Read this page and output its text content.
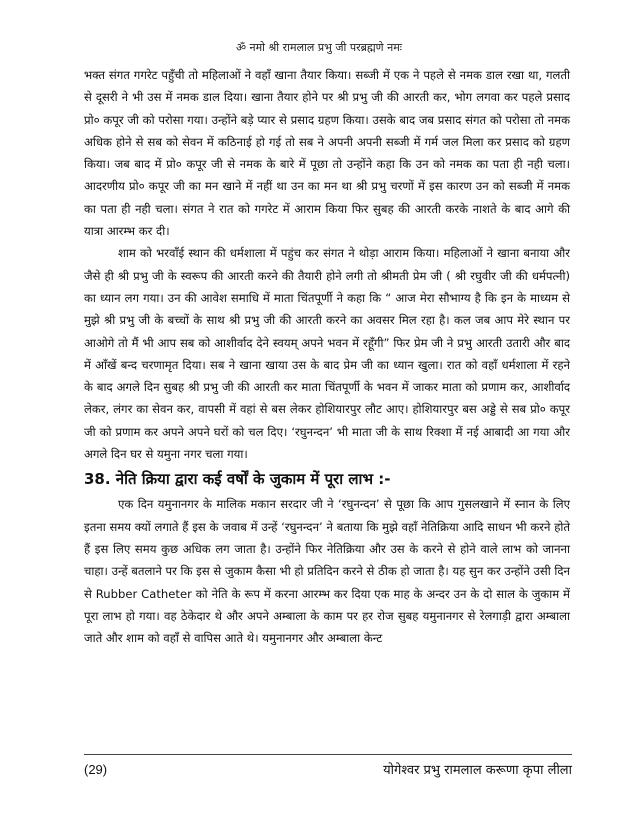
ॐ नमो श्री रामलाल प्रभु जी परब्रह्मणे नमः

भक्त संगत गगरेट पहुँची तो महिलाओं ने वहाँ खाना तैयार किया। सब्जी में एक ने पहले से नमक डाल रखा था, गलती से दूसरी ने भी उस में नमक डाल दिया। खाना तैयार होने पर श्री प्रभु जी की आरती कर, भोग लगवा कर पहले प्रसाद प्रो० कपूर जी को परोसा गया। उन्होंने बड़े प्यार से प्रसाद ग्रहण किया। उसके बाद जब प्रसाद संगत को परोसा तो नमक अधिक होने से सब को सेवन में कठिनाई हो गई तो सब ने अपनी अपनी सब्जी में गर्म जल मिला कर प्रसाद को ग्रहण किया। जब बाद में प्रो० कपूर जी से नमक के बारे में पूछा तो उन्होंने कहा कि उन को नमक का पता ही नही चला। आदरणीय प्रो० कपूर जी का मन खाने में नहीं था उन का मन था श्री प्रभु चरणों में इस कारण उन को सब्जी में नमक का पता ही नही चला। संगत ने रात को गगरेट में आराम किया फिर सुबह की आरती करके नाशते के बाद आगे की यात्रा आरम्भ कर दी।

शाम को भरवाँई स्थान की धर्मशाला में पहुंच कर संगत ने थोड़ा आराम किया। महिलाओं ने खाना बनाया और जैसे ही श्री प्रभु जी के स्वरूप की आरती करने की तैयारी होने लगी तो श्रीमती प्रेम जी ( श्री रघुवीर जी की धर्मपत्नी) का ध्यान लग गया। उन की आवेश समाधि में माता चिंतपूर्णी ने कहा कि “ आज मेरा सौभाग्य है कि इन के माध्यम से मुझे श्री प्रभु जी के बच्चों के साथ श्री प्रभु जी की आरती करने का अवसर मिल रहा है। कल जब आप मेरे स्थान पर आओगे तो मैं भी आप सब को आशीर्वाद देने स्वयम् अपने भवन में रहूँगी” फिर प्रेम जी ने प्रभु आरती उतारी और बाद में आँखें बन्द चरणामृत दिया। सब ने खाना खाया उस के बाद प्रेम जी का ध्यान खुला। रात को वहाँ धर्मशाला में रहने के बाद अगले दिन सुबह श्री प्रभु जी की आरती कर माता चिंतपूर्णी के भवन में जाकर माता को प्रणाम कर, आशीर्वाद लेकर, लंगर का सेवन कर, वापसी में वहां से बस लेकर होशियारपुर लौट आए। होशियारपुर बस अड्डे से सब प्रो० कपूर जी को प्रणाम कर अपने अपने घरों को चल दिए। ‘रघुनन्दन’ भी माता जी के साथ रिक्शा में नई आबादी आ गया और अगले दिन घर से यमुना नगर चला गया।

38. नेति क्रिया द्वारा कई वर्षों के जुकाम में पूरा लाभ :-

एक दिन यमुनानगर के मालिक मकान सरदार जी ने ‘रघुनन्दन’ से पूछा कि आप गुसलखाने में स्नान के लिए इतना समय क्यों लगाते हैं इस के जवाब में उन्हें ‘रघुनन्दन’ ने बताया कि मुझे वहाँ नेतिक्रिया आदि साधन भी करने होते हैं इस लिए समय कुछ अधिक लग जाता है। उन्होंने फिर नेतिक्रिया और उस के करने से होने वाले लाभ को जानना चाहा। उन्हें बतलाने पर कि इस से जुकाम कैसा भी हो प्रतिदिन करने से ठीक हो जाता है। यह सुन कर उन्होंने उसी दिन से Rubber Catheter को नेति के रूप में करना आरम्भ कर दिया एक माह के अन्दर उन के दो साल के जुकाम में पूरा लाभ हो गया। वह ठेकेदार थे और अपने अम्बाला के काम पर हर रोज सुबह यमुनानगर से रेलगाड़ी द्वारा अम्बाला जाते और शाम को वहाँ से वापिस आते थे। यमुनानगर और अम्बाला केन्ट

(29)	योगेश्वर प्रभु रामलाल करूणा कृपा लीला
